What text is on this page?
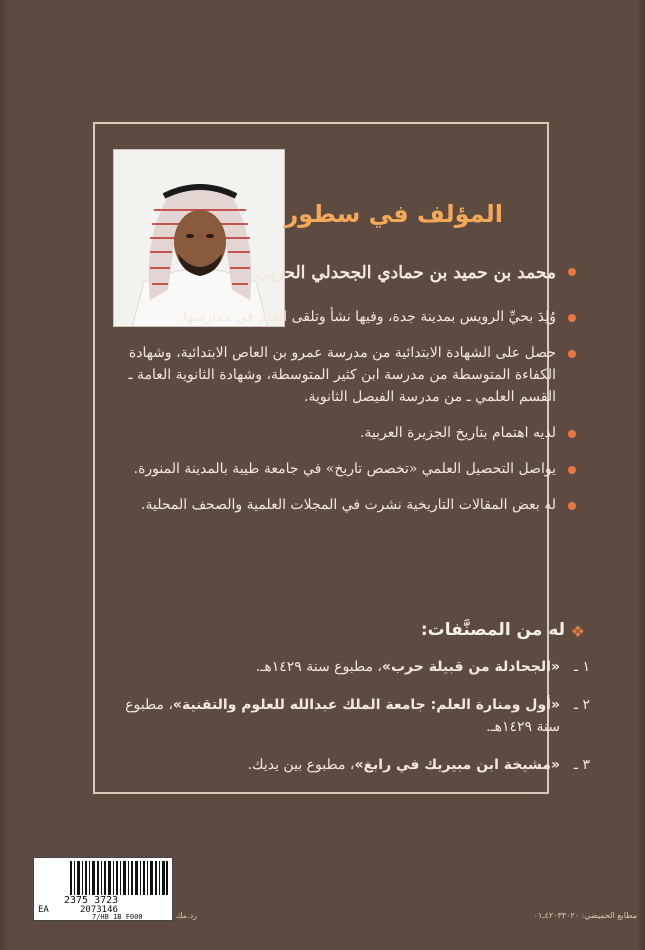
المؤلف في سطور
محمد بن حميد بن حمادي الجحدلي الحربي.
وُلِدَ بحيِّ الرويس بمدينة جدة، وفيها نشأ وتلقى العلم في مدارسها.
حصل على الشهادة الابتدائية من مدرسة عمرو بن العاص الابتدائية، وشهادة الكفاءة المتوسطة من مدرسة ابن كثير المتوسطة، وشهادة الثانوية العامة ـ القسم العلمي ـ من مدرسة الفيصل الثانوية.
لديه اهتمام بتاريخ الجزيرة العربية.
يواصل التحصيل العلمي «تخصص تاريخ» في جامعة طيبة بالمدينة المنورة.
له بعض المقالات التاريخية نشرت في المجلات العلمية والصحف المحلية.
❖
له من المصنَّفات:
١ ـ
«الجحادلة من قبيلة حرب»، مطبوع سنة ١٤٢٩هـ.
٢ ـ
«أول ومنارة العلم: جامعة الملك عبدالله للعلوم والتقنية»، مطبوع سنة ١٤٢٩هـ.
٣ ـ
«مشيخة ابن مبيريك في رابغ»، مطبوع بين يديك.
2375 3723
EA	2073146
7/HB 1B F000	رد.مك	مطابع الحميضي: ٤٢٠٣٣٠٢٠ـ٠١
